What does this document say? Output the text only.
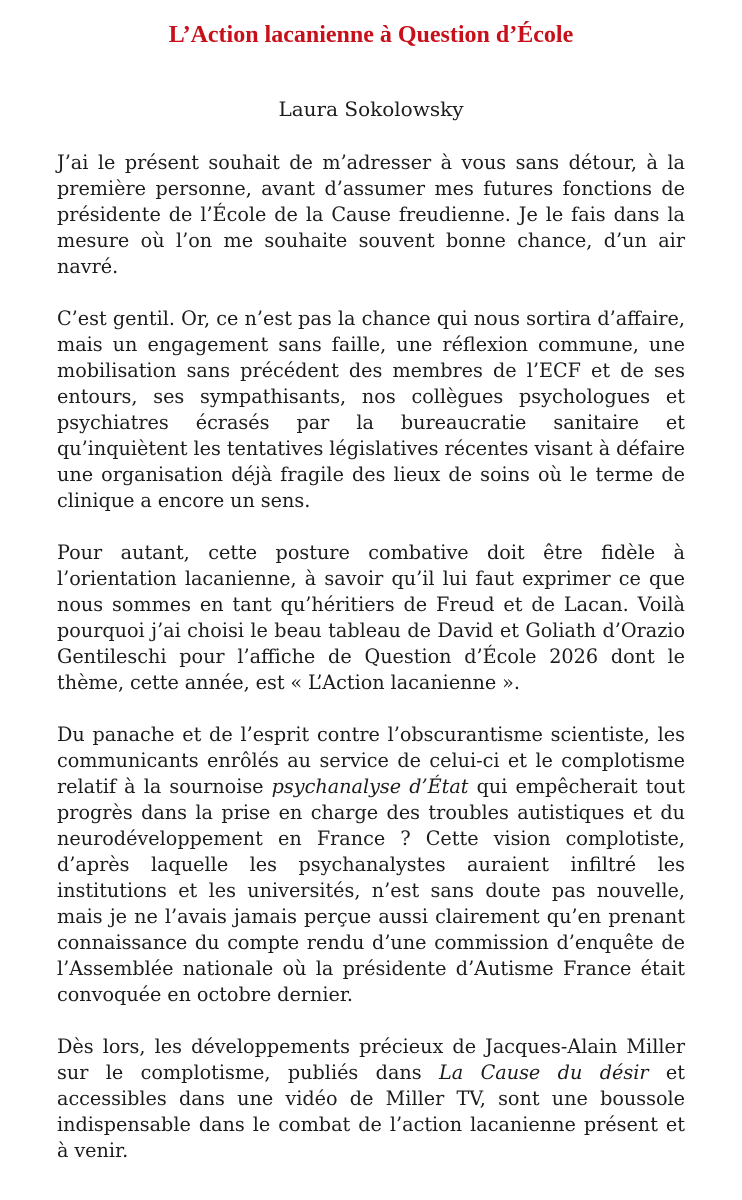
L’Action lacanienne à Question d’École
Laura Sokolowsky

J’ai le présent souhait de m’adresser à vous sans détour, à la première personne, avant d’assumer mes futures fonctions de présidente de l’École de la Cause freudienne. Je le fais dans la mesure où l’on me souhaite souvent bonne chance, d’un air navré.

C’est gentil. Or, ce n’est pas la chance qui nous sortira d’affaire, mais un engagement sans faille, une réflexion commune, une mobilisation sans précédent des membres de l’ECF et de ses entours, ses sympathisants, nos collègues psychologues et psychiatres écrasés par la bureaucratie sanitaire et qu’inquiètent les tentatives législatives récentes visant à défaire une organisation déjà fragile des lieux de soins où le terme de clinique a encore un sens.

Pour autant, cette posture combative doit être fidèle à l’orientation lacanienne, à savoir qu’il lui faut exprimer ce que nous sommes en tant qu’héritiers de Freud et de Lacan. Voilà pourquoi j’ai choisi le beau tableau de David et Goliath d’Orazio Gentileschi pour l’affiche de Question d’École 2026 dont le thème, cette année, est « L’Action lacanienne ».

Du panache et de l’esprit contre l’obscurantisme scientiste, les communicants enrôlés au service de celui-ci et le complotisme relatif à la sournoise psychanalyse d’État qui empêcherait tout progrès dans la prise en charge des troubles autistiques et du neurodéveloppement en France ? Cette vision complotiste, d’après laquelle les psychanalystes auraient infiltré les institutions et les universités, n’est sans doute pas nouvelle, mais je ne l’avais jamais perçue aussi clairement qu’en prenant connaissance du compte rendu d’une commission d’enquête de l’Assemblée nationale où la présidente d’Autisme France était convoquée en octobre dernier.

Dès lors, les développements précieux de Jacques-Alain Miller sur le complotisme, publiés dans La Cause du désir et accessibles dans une vidéo de Miller TV, sont une boussole indispensable dans le combat de l’action lacanienne présent et à venir.
